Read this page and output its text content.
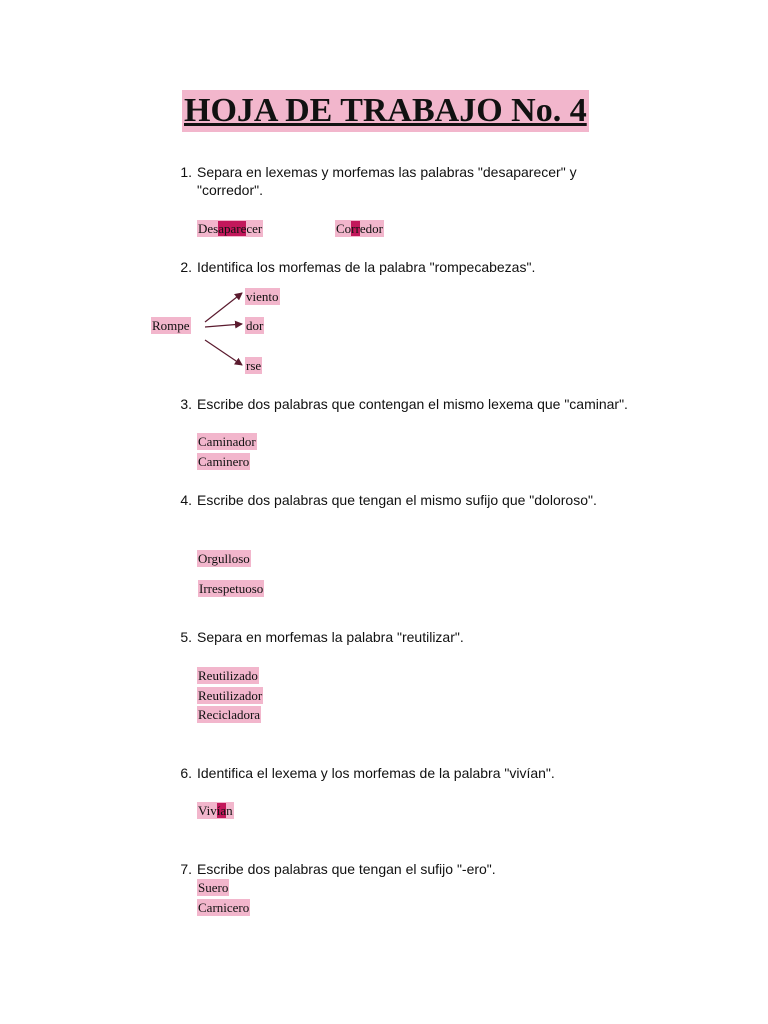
HOJA DE TRABAJO No. 4
1. Separa en lexemas y morfemas las palabras "desaparecer" y "corredor".
Desaparecer	Corredor
2. Identifica los morfemas de la palabra "rompecabezas".
Rompe
viento
dor
rse
3. Escribe dos palabras que contengan el mismo lexema que "caminar".
Caminador
Caminero
4. Escribe dos palabras que tengan el mismo sufijo que "doloroso".
Orgulloso
Irrespetuoso
5. Separa en morfemas la palabra "reutilizar".
Reutilizado
Reutilizador
Recicladora
6. Identifica el lexema y los morfemas de la palabra "vivían".
Vivían
7. Escribe dos palabras que tengan el sufijo "-ero".
Suero
Carnicero
